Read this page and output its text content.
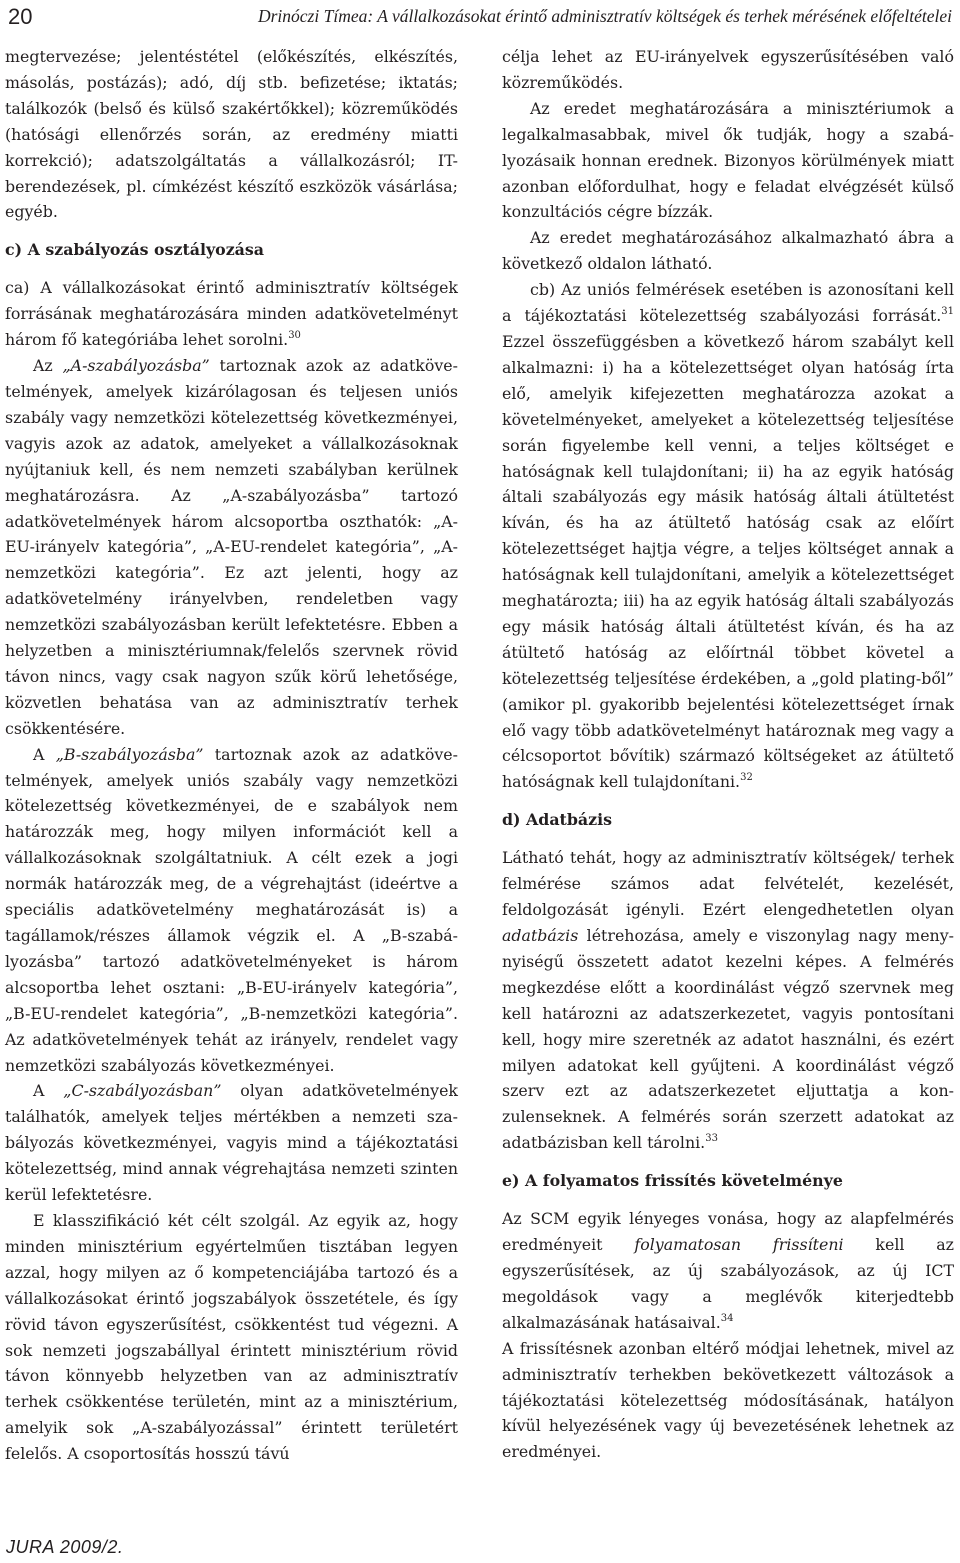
20	Drinóczi Tímea: A vállalkozásokat érintő adminisztratív költségek és terhek mérésének előfeltételei

megtervezése; jelentéstétel (előkészítés, elkészítés, másolás, postázás); adó, díj stb. befizetése; iktatás; találkozók (belső és külső szakértőkkel); közreműködés (hatósági ellenőrzés során, az eredmény miatti korrekció); adatszolgáltatás a vállalkozásról; IT-berendezések, pl. címkézést készítő eszközök vásárlása; egyéb.

c) A szabályozás osztályozása

ca) A vállalkozásokat érintő adminisztratív költségek forrásának meghatározására minden adatkövetelményt három fő kategóriába lehet sorolni.$^{30}$

Az „A-szabályozásba” tartoznak azok az adatkövetelmények, amelyek kizárólagosan és teljesen uniós szabály vagy nemzetközi kötelezettség következményei, vagyis azok az adatok, amelyeket a vállalkozásoknak nyújtaniuk kell, és nem nemzeti szabályban kerülnek meghatározásra. Az „A-szabályozásba” tartozó adatkövetelmények három alcsoportba oszthatók: „A-EU-irányelv kategória”, „A-EU-rendelet kategória”, „A-nemzetközi kategória”. Ez azt jelenti, hogy az adatkövetelmény irányelvben, rendeletben vagy nemzetközi szabályozásban került lefektetésre. Ebben a helyzetben a minisztériumnak/felelős szervnek rövid távon nincs, vagy csak nagyon szűk körű lehetősége, közvetlen behatása van az adminisztratív terhek csökkentésére.

A „B-szabályozásba” tartoznak azok az adatkövetelmények, amelyek uniós szabály vagy nemzetközi kötelezettség következményei, de e szabályok nem határozzák meg, hogy milyen információt kell a vállalkozásoknak szolgáltatniuk. A célt ezek a jogi normák határozzák meg, de a végrehajtást (ideértve a speciális adatkövetelmény meghatározását is) a tagállamok/részes államok végzik el. A „B-szabályozásba” tartozó adatkövetelményeket is három alcsoportba lehet osztani: „B-EU-irányelv kategória”, „B-EU-rendelet kategória”, „B-nemzetközi kategória”. Az adatkövetelmények tehát az irányelv, rendelet vagy nemzetközi szabályozás következményei.

A „C-szabályozásban” olyan adatkövetelmények találhatók, amelyek teljes mértékben a nemzeti szabályozás következményei, vagyis mind a tájékoztatási kötelezettség, mind annak végrehajtása nemzeti szinten kerül lefektetésre.

E klasszifikáció két célt szolgál. Az egyik az, hogy minden minisztérium egyértelműen tisztában legyen azzal, hogy milyen az ő kompetenciájába tartozó és a vállalkozásokat érintő jogszabályok összetétele, és így rövid távon egyszerűsítést, csökkentést tud végezni. A sok nemzeti jogszabállyal érintett minisztérium rövid távon könnyebb helyzetben van az adminisztratív terhek csökkentése területén, mint az a minisztérium, amelyik sok „A-szabályozással” érintett területért felelős. A csoportosítás hosszú távú

célja lehet az EU-irányelvek egyszerűsítésében való közreműködés.

Az eredet meghatározására a minisztériumok a legalkalmasabbak, mivel ők tudják, hogy a szabályozásaik honnan erednek. Bizonyos körülmények miatt azonban előfordulhat, hogy e feladat elvégzését külső konzultációs cégre bízzák.

Az eredet meghatározásához alkalmazható ábra a következő oldalon látható.

cb) Az uniós felmérések esetében is azonosítani kell a tájékoztatási kötelezettség szabályozási forrását.$^{31}$ Ezzel összefüggésben a következő három szabályt kell alkalmazni: i) ha a kötelezettséget olyan hatóság írta elő, amelyik kifejezetten meghatározza azokat a követelményeket, amelyeket a kötelezettség teljesítése során figyelembe kell venni, a teljes költséget e hatóságnak kell tulajdonítani; ii) ha az egyik hatóság általi szabályozás egy másik hatóság általi átültetést kíván, és ha az átültető hatóság csak az előírt kötelezettséget hajtja végre, a teljes költséget annak a hatóságnak kell tulajdonítani, amelyik a kötelezettséget meghatározta; iii) ha az egyik hatóság általi szabályozás egy másik hatóság általi átültetést kíván, és ha az átültető hatóság az előírtnál többet követel a kötelezettség teljesítése érdekében, a „gold plating-ből” (amikor pl. gyakoribb bejelentési kötelezettséget írnak elő vagy több adatkövetelményt határoznak meg vagy a célcsoportot bővítik) származó költségeket az átültető hatóságnak kell tulajdonítani.$^{32}$

d) Adatbázis

Látható tehát, hogy az adminisztratív költségek/ terhek felmérése számos adat felvételét, kezelését, feldolgozását igényli. Ezért elengedhetetlen olyan adatbázis létrehozása, amely e viszonylag nagy menynyiségű összetett adatot kezelni képes. A felmérés megkezdése előtt a koordinálást végző szervnek meg kell határozni az adatszerkezetet, vagyis pontosítani kell, hogy mire szeretnék az adatot használni, és ezért milyen adatokat kell gyűjteni. A koordinálást végző szerv ezt az adatszerkezetet eljuttatja a konzulenseknek. A felmérés során szerzett adatokat az adatbázisban kell tárolni.$^{33}$

e) A folyamatos frissítés követelménye

Az SCM egyik lényeges vonása, hogy az alapfelmérés eredményeit folyamatosan frissíteni kell az egyszerűsítések, az új szabályozások, az új ICT megoldások vagy a meglévők kiterjedtebb alkalmazásának hatásaival.$^{34}$

A frissítésnek azonban eltérő módjai lehetnek, mivel az adminisztratív terhekben bekövetkezett változások a tájékoztatási kötelezettség módosításának, hatályon kívül helyezésének vagy új bevezetésének lehetnek az eredményei.

JURA 2009/2.
